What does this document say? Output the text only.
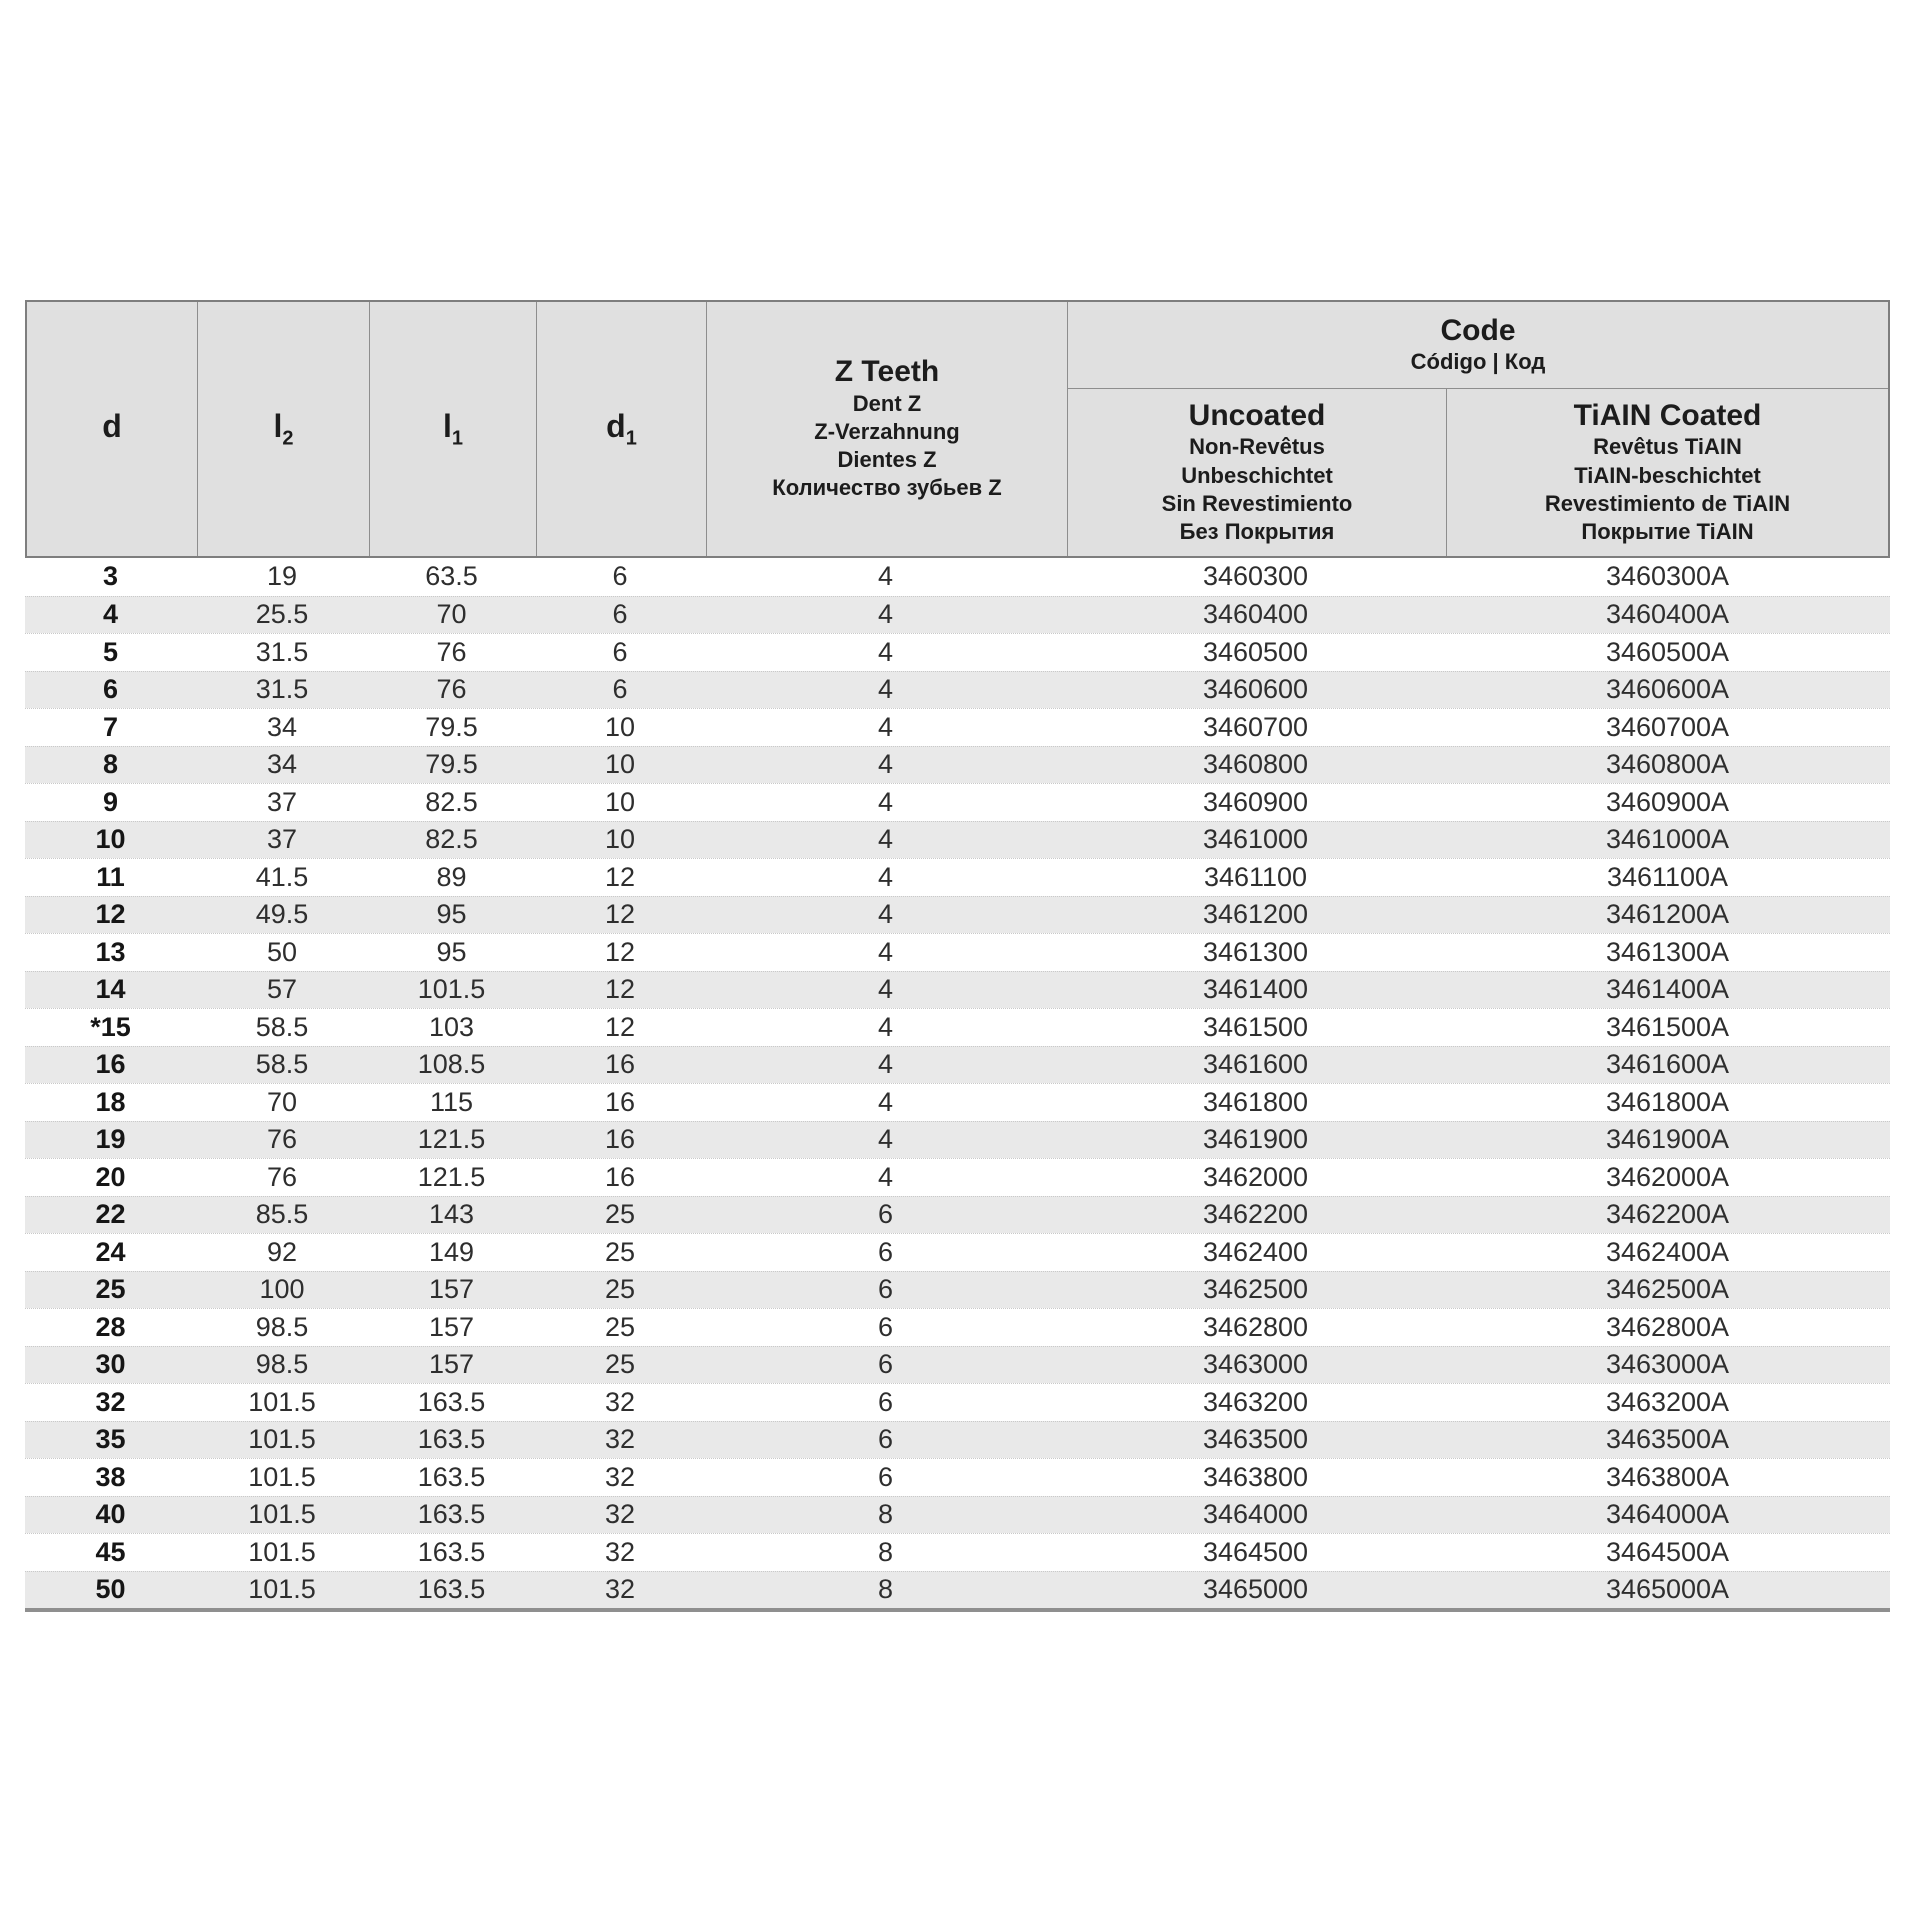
d	$l_2$	$l_1$	$d_1$
Z Teeth
Dent Z
Z-Verzahnung
Dientes Z
Количество зубьев Z
Code
Código | Код
Uncoated
Non-Revêtus
Unbeschichtet
Sin Revestimiento
Без Покрытия
TiAIN Coated
Revêtus TiAIN
TiAIN-beschichtet
Revestimiento de TiAIN
Покрытие TiAIN
3	19	63.5	6	4	3460300	3460300A
4	25.5	70	6	4	3460400	3460400A
5	31.5	76	6	4	3460500	3460500A
6	31.5	76	6	4	3460600	3460600A
7	34	79.5	10	4	3460700	3460700A
8	34	79.5	10	4	3460800	3460800A
9	37	82.5	10	4	3460900	3460900A
10	37	82.5	10	4	3461000	3461000A
11	41.5	89	12	4	3461100	3461100A
12	49.5	95	12	4	3461200	3461200A
13	50	95	12	4	3461300	3461300A
14	57	101.5	12	4	3461400	3461400A
*15	58.5	103	12	4	3461500	3461500A
16	58.5	108.5	16	4	3461600	3461600A
18	70	115	16	4	3461800	3461800A
19	76	121.5	16	4	3461900	3461900A
20	76	121.5	16	4	3462000	3462000A
22	85.5	143	25	6	3462200	3462200A
24	92	149	25	6	3462400	3462400A
25	100	157	25	6	3462500	3462500A
28	98.5	157	25	6	3462800	3462800A
30	98.5	157	25	6	3463000	3463000A
32	101.5	163.5	32	6	3463200	3463200A
35	101.5	163.5	32	6	3463500	3463500A
38	101.5	163.5	32	6	3463800	3463800A
40	101.5	163.5	32	8	3464000	3464000A
45	101.5	163.5	32	8	3464500	3464500A
50	101.5	163.5	32	8	3465000	3465000A
